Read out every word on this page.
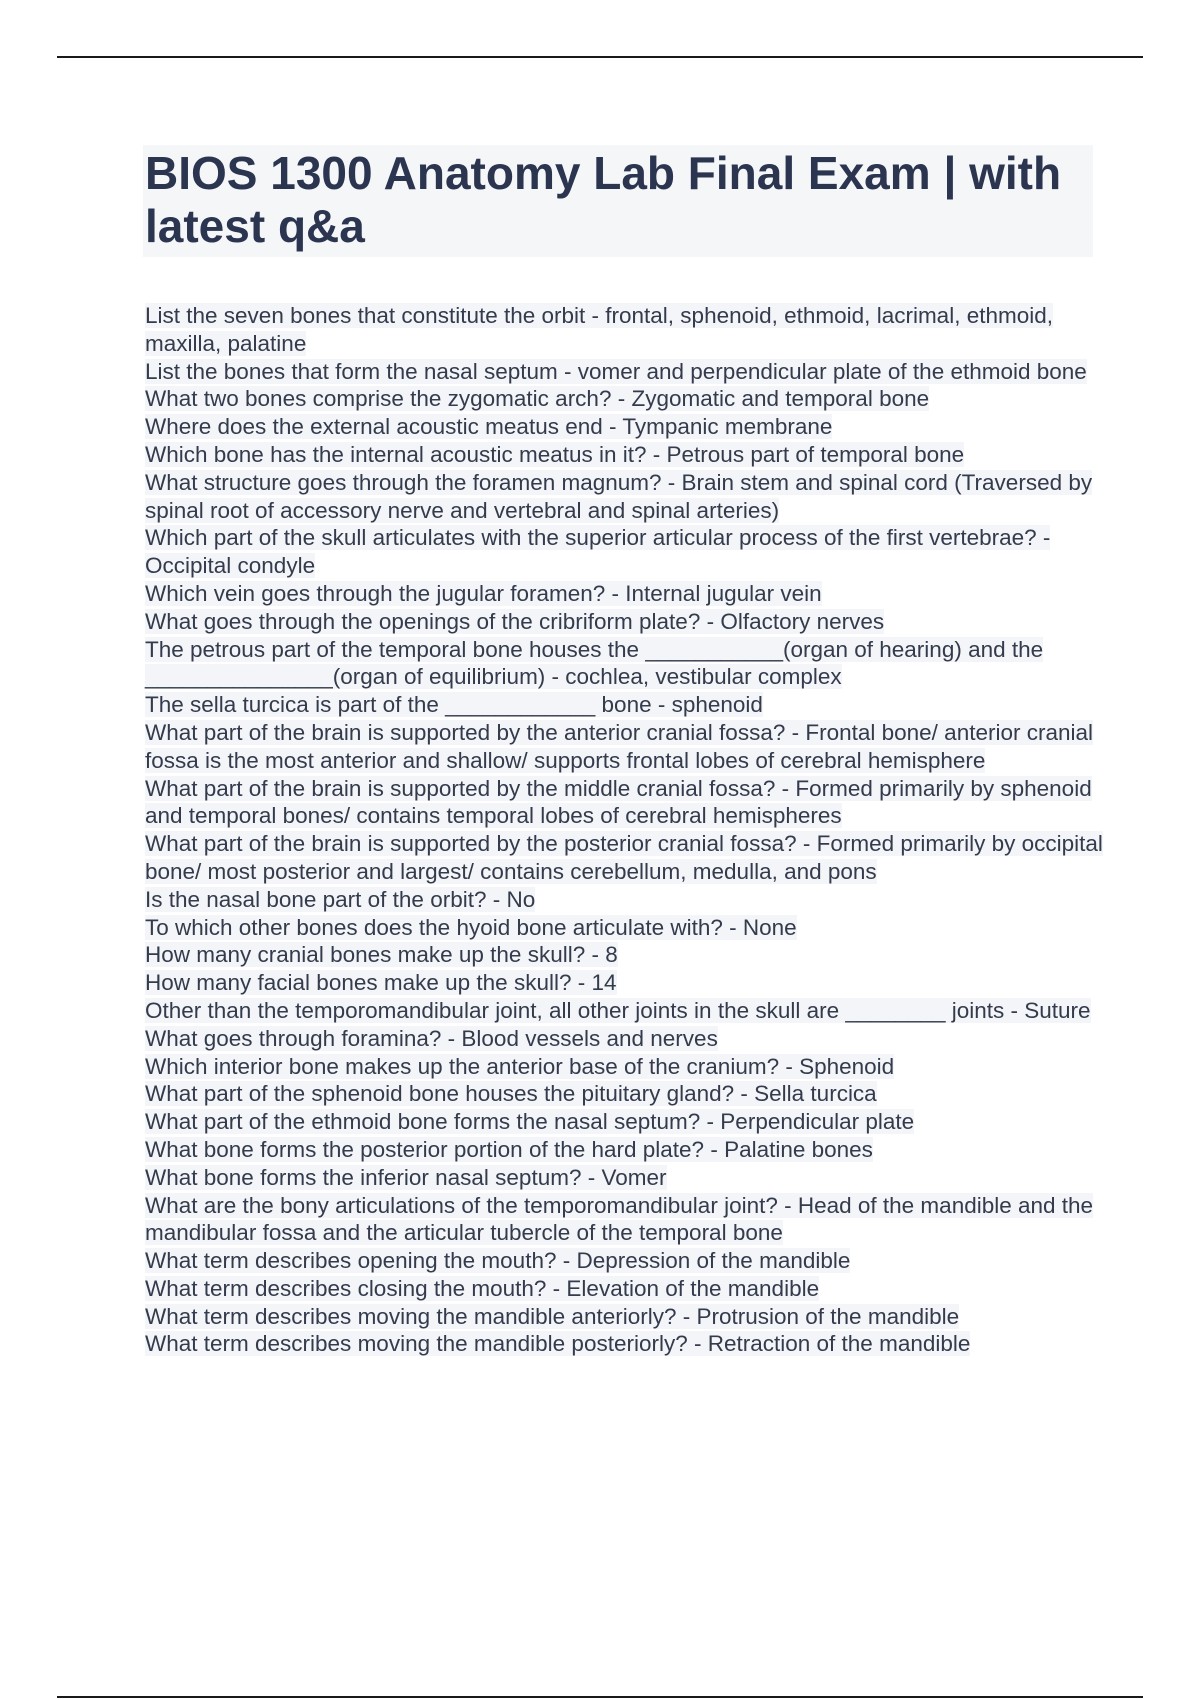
BIOS 1300 Anatomy Lab Final Exam | with latest q&a
List the seven bones that constitute the orbit - frontal, sphenoid, ethmoid, lacrimal, ethmoid, maxilla, palatine
List the bones that form the nasal septum - vomer and perpendicular plate of the ethmoid bone
What two bones comprise the zygomatic arch? - Zygomatic and temporal bone
Where does the external acoustic meatus end - Tympanic membrane
Which bone has the internal acoustic meatus in it? - Petrous part of temporal bone
What structure goes through the foramen magnum? - Brain stem and spinal cord (Traversed by spinal root of accessory nerve and vertebral and spinal arteries)
Which part of the skull articulates with the superior articular process of the first vertebrae? - Occipital condyle
Which vein goes through the jugular foramen? - Internal jugular vein
What goes through the openings of the cribriform plate? - Olfactory nerves
The petrous part of the temporal bone houses the ___________(organ of hearing) and the _______________(organ of equilibrium) - cochlea, vestibular complex
The sella turcica is part of the ____________ bone - sphenoid
What part of the brain is supported by the anterior cranial fossa? - Frontal bone/ anterior cranial fossa is the most anterior and shallow/ supports frontal lobes of cerebral hemisphere
What part of the brain is supported by the middle cranial fossa? - Formed primarily by sphenoid and temporal bones/ contains temporal lobes of cerebral hemispheres
What part of the brain is supported by the posterior cranial fossa? - Formed primarily by occipital bone/ most posterior and largest/ contains cerebellum, medulla, and pons
Is the nasal bone part of the orbit? - No
To which other bones does the hyoid bone articulate with? - None
How many cranial bones make up the skull? - 8
How many facial bones make up the skull? - 14
Other than the temporomandibular joint, all other joints in the skull are ________ joints - Suture
What goes through foramina? - Blood vessels and nerves
Which interior bone makes up the anterior base of the cranium? - Sphenoid
What part of the sphenoid bone houses the pituitary gland? - Sella turcica
What part of the ethmoid bone forms the nasal septum? - Perpendicular plate
What bone forms the posterior portion of the hard plate? - Palatine bones
What bone forms the inferior nasal septum? - Vomer
What are the bony articulations of the temporomandibular joint? - Head of the mandible and the mandibular fossa and the articular tubercle of the temporal bone
What term describes opening the mouth? - Depression of the mandible
What term describes closing the mouth? - Elevation of the mandible
What term describes moving the mandible anteriorly? - Protrusion of the mandible
What term describes moving the mandible posteriorly? - Retraction of the mandible
